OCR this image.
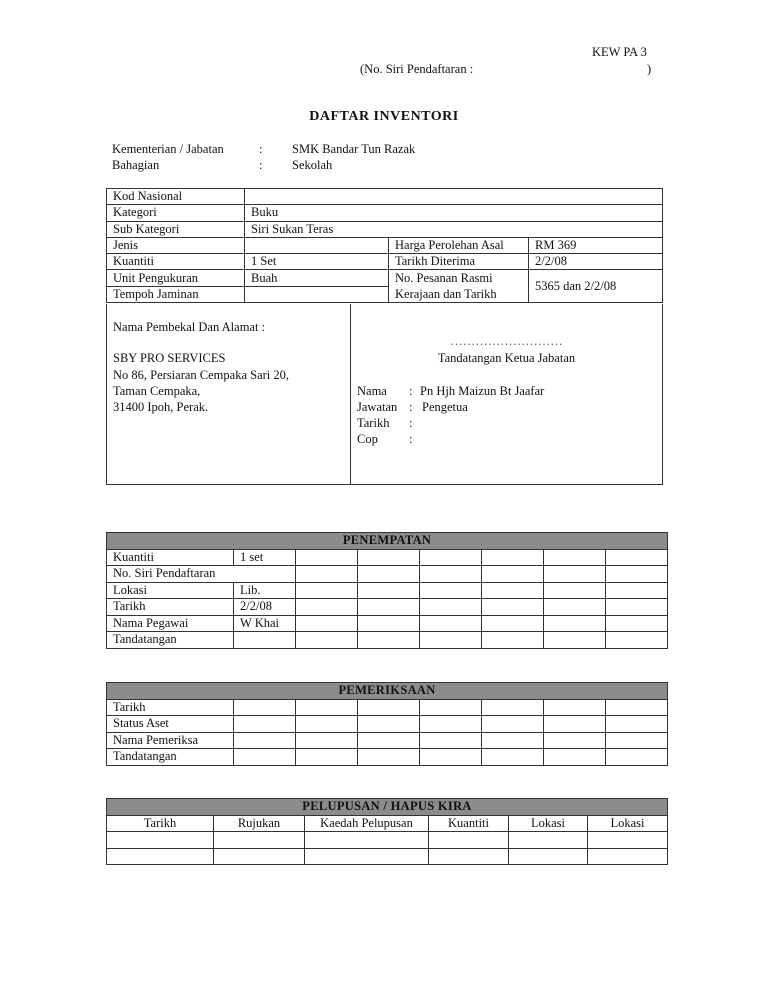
KEW PA 3
(No. Siri Pendaftaran :	)
DAFTAR INVENTORI
Kementerian / Jabatan	: SMK Bandar Tun Razak
Bahagian	: Sekolah
Kod Nasional			
Kategori	Buku		
Sub Kategori	Siri Sukan Teras		
Jenis		Harga Perolehan Asal	RM 369
Kuantiti	1 Set	Tarikh Diterima	2/2/08
Unit Pengukuran	Buah	No. Pesanan Rasmi
Kerajaan dan Tarikh	5365 dan 2/2/08
Tempoh Jaminan			
Nama Pembekal Dan Alamat :
SBY PRO SERVICES
No 86, Persiaran Cempaka Sari 20,
Taman Cempaka,
31400 Ipoh, Perak.
………………………
Tandatangan Ketua Jabatan
Nama : Pn Hjh Maizun Bt Jaafar
Jawatan : Pengetua
Tarikh :
Cop :
PENEMPATAN							
Kuantiti	1 set						
No. Siri Pendaftaran							
Lokasi	Lib.						
Tarikh	2/2/08						
Nama Pegawai	W Khai						
Tandatangan							
PEMERIKSAAN							
Tarikh							
Status Aset							
Nama Pemeriksa							
Tandatangan							
PELUPUSAN / HAPUS KIRA					
Tarikh	Rujukan	Kaedah Pelupusan	Kuantiti	Lokasi	Lokasi
